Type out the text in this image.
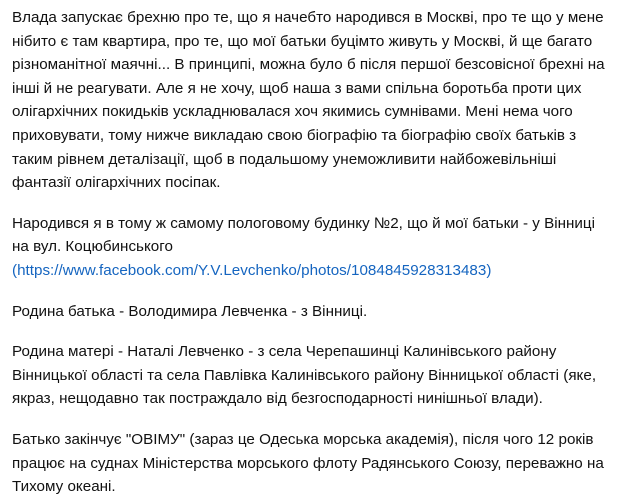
Влада запускає брехню про те, що я начебто народився в Москві, про те що у мене нібито є там квартира, про те, що мої батьки буцімто живуть у Москві, й ще багато різноманітної маячні... В принципі, можна було б після першої безсовісної брехні на інші й не реагувати. Але я не хочу, щоб наша з вами спільна боротьба проти цих олігархічних покидьків ускладнювалася хоч якимись сумнівами. Мені нема чого приховувати, тому нижче викладаю свою біографію та біографію своїх батьків з таким рівнем деталізації, щоб в подальшому унеможливити найбожевільніші фантазії олігархічних посіпак.

Народився я в тому ж самому пологовому будинку №2, що й мої батьки - у Вінниці на вул. Коцюбинського
(https://www.facebook.com/Y.V.Levchenko/photos/1084845928313483)

Родина батька - Володимира Левченка - з Вінниці.

Родина матері - Наталі Левченко - з села Черепашинці Калинівського району Вінницької області та села Павлівка Калинівського району Вінницької області (яке, якраз, нещодавно так постраждало від безгосподарності нинішньої влади).

Батько закінчує "ОВІМУ" (зараз це Одеська морська академія), після чого 12 років працює на суднах Міністерства морського флоту Радянського Союзу, переважно на Тихому океані.
